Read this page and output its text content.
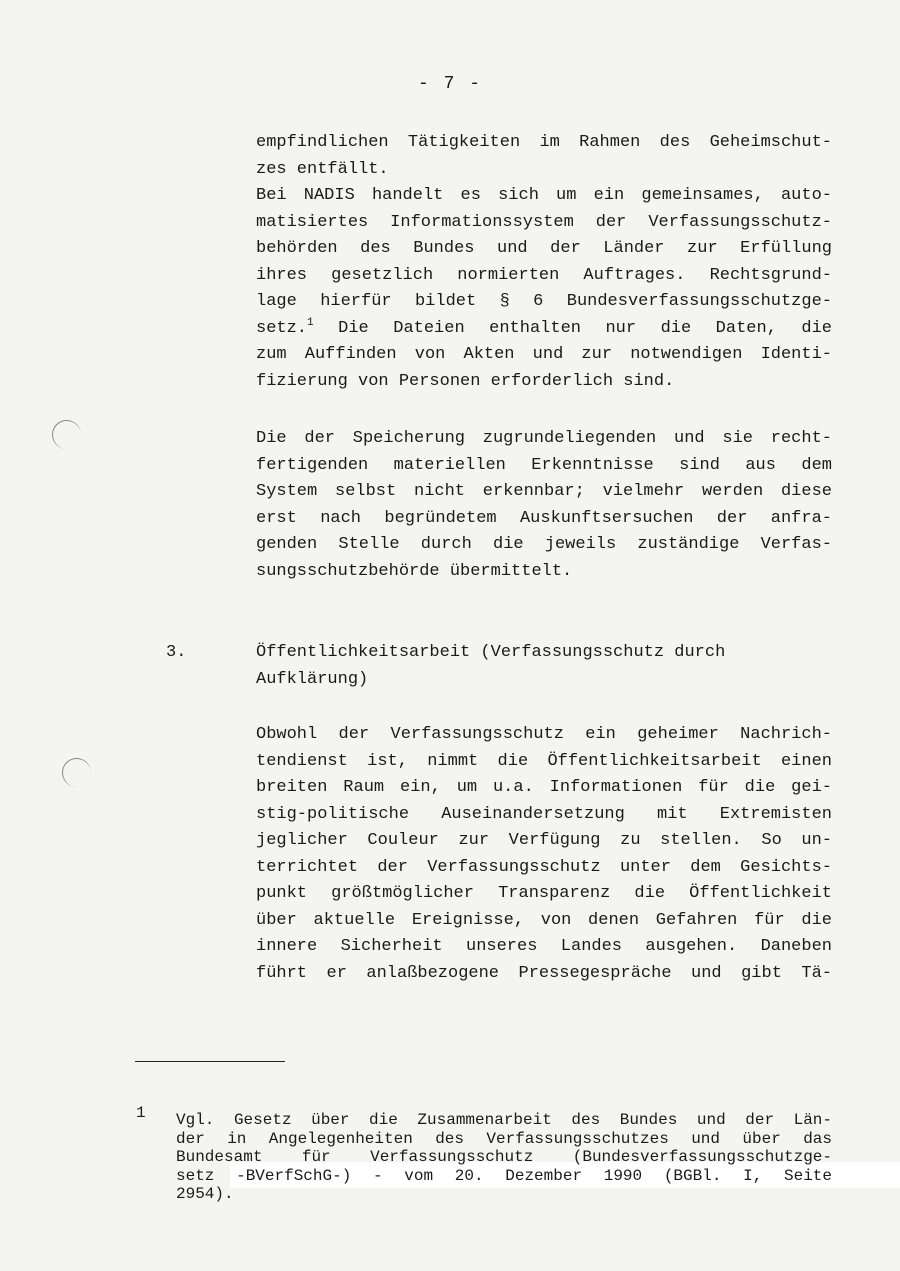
- 7 -
empfindlichen Tätigkeiten im Rahmen des Geheimschut-
zes entfällt.
Bei NADIS handelt es sich um ein gemeinsames, auto-
matisiertes Informationssystem der Verfassungsschutz-
behörden des Bundes und der Länder zur Erfüllung
ihres gesetzlich normierten Auftrages. Rechtsgrund-
lage hierfür bildet § 6 Bundesverfassungsschutzge-
setz.$^1$ Die Dateien enthalten nur die Daten, die
zum Auffinden von Akten und zur notwendigen Identi-
fizierung von Personen erforderlich sind.
Die der Speicherung zugrundeliegenden und sie recht-
fertigenden materiellen Erkenntnisse sind aus dem
System selbst nicht erkennbar; vielmehr werden diese
erst nach begründetem Auskunftsersuchen der anfra-
genden Stelle durch die jeweils zuständige Verfas-
sungsschutzbehörde übermittelt.
3.	Öffentlichkeitsarbeit (Verfassungsschutz durch
Aufklärung)
Obwohl der Verfassungsschutz ein geheimer Nachrich-
tendienst ist, nimmt die Öffentlichkeitsarbeit einen
breiten Raum ein, um u.a. Informationen für die gei-
stig-politische Auseinandersetzung mit Extremisten
jeglicher Couleur zur Verfügung zu stellen. So un-
terrichtet der Verfassungsschutz unter dem Gesichts-
punkt größtmöglicher Transparenz die Öffentlichkeit
über aktuelle Ereignisse, von denen Gefahren für die
innere Sicherheit unseres Landes ausgehen. Daneben
führt er anlaßbezogene Pressegespräche und gibt Tä-
1 Vgl. Gesetz über die Zusammenarbeit des Bundes und der Län-
der in Angelegenheiten des Verfassungsschutzes und über das
Bundesamt für Verfassungsschutz (Bundesverfassungsschutzge-
setz -BVerfSchG-) - vom 20. Dezember 1990 (BGBl. I, Seite
2954).
